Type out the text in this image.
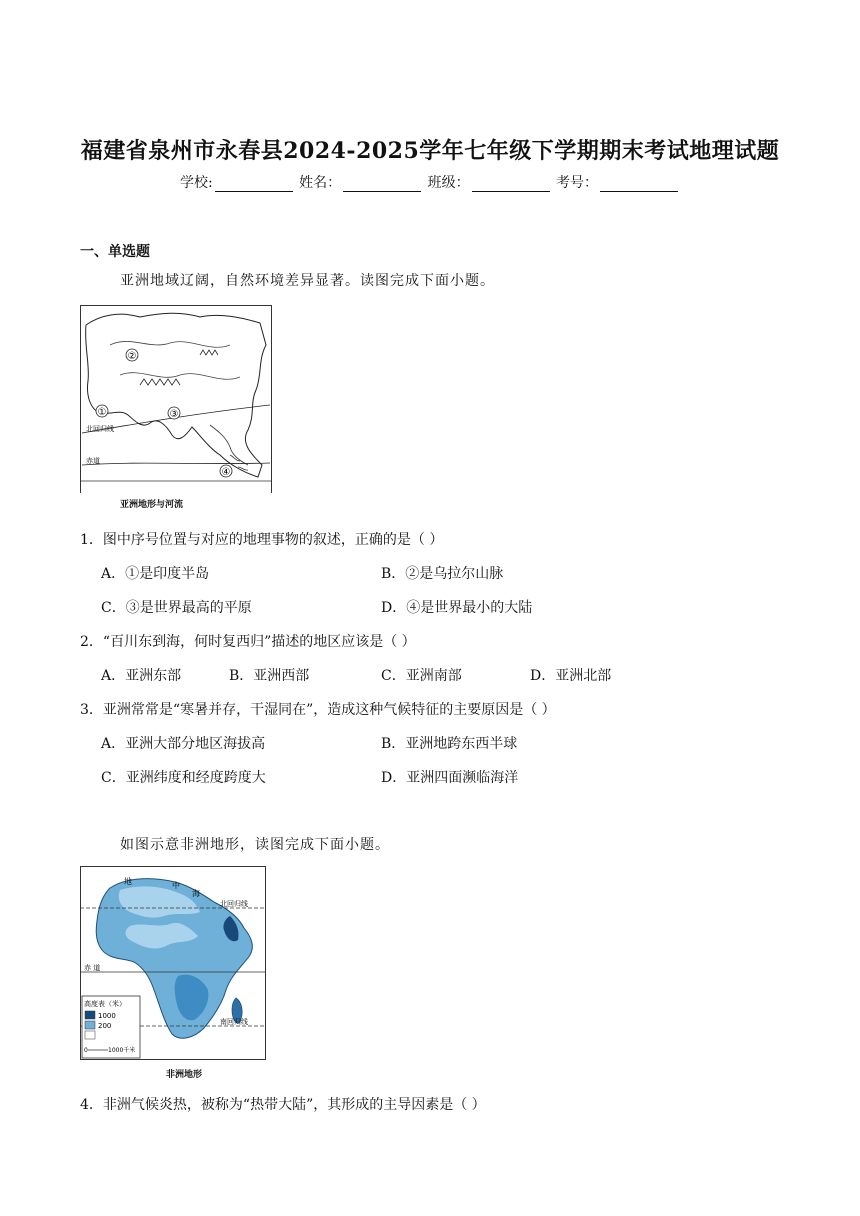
福建省泉州市永春县2024-2025学年七年级下学期期末考试地理试题
学校:	姓名：	班级：	考号：
一、单选题
亚洲地域辽阔，自然环境差异显著。读图完成下面小题。
②
①	③
④
北回归线
赤道
亚洲地形与河流
1．图中序号位置与对应的地理事物的叙述，正确的是（ ）
A．①是印度半岛	B．②是乌拉尔山脉
C．③是世界最高的平原	D．④是世界最小的大陆
2．“百川东到海，何时复西归”描述的地区应该是（ ）
A．亚洲东部	B．亚洲西部	C．亚洲南部	D．亚洲北部
3．亚洲常常是“寒暑并存，干湿同在”，造成这种气候特征的主要原因是（ ）
A．亚洲大部分地区海拔高	B．亚洲地跨东西半球
C．亚洲纬度和经度跨度大	D．亚洲四面濒临海洋
如图示意非洲地形，读图完成下面小题。
地	中
海
北回归线
赤 道
南回归线
高度表（米）
1000
200
0	1000千米
非洲地形
4．非洲气候炎热，被称为“热带大陆”，其形成的主导因素是（ ）
